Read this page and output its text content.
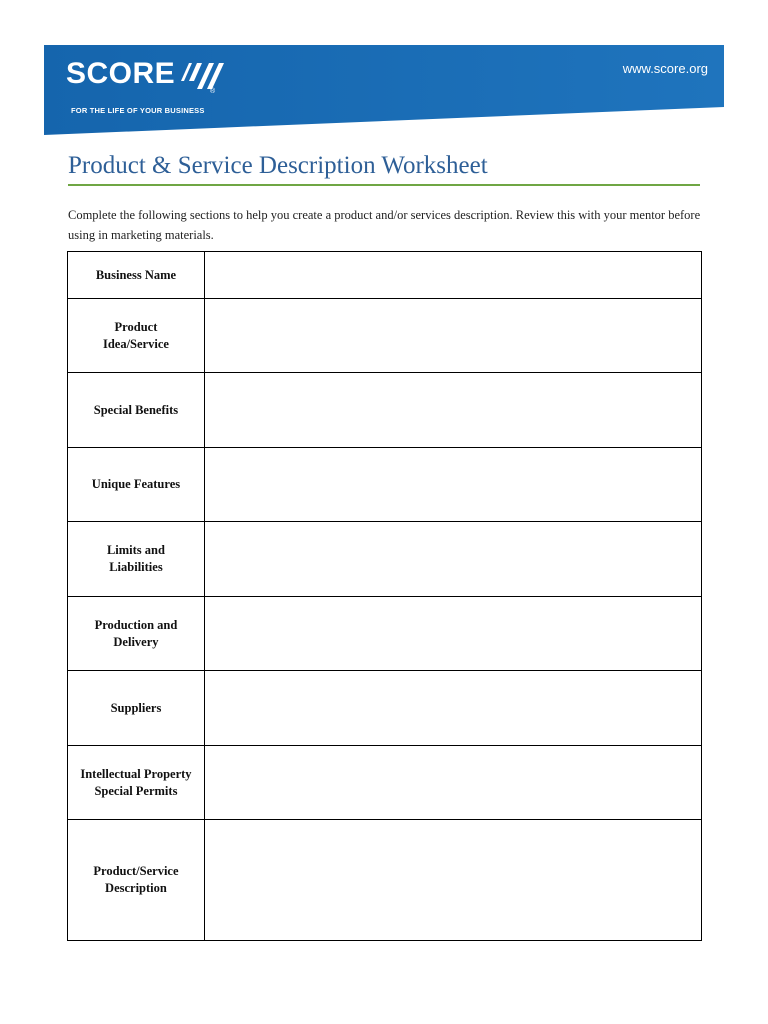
SCORE
®
FOR THE LIFE OF YOUR BUSINESS
www.score.org
Product & Service Description Worksheet

Complete the following sections to help you create a product and/or services description. Review this with your mentor before using in marketing materials.

Business Name	

Product
Idea/Service	

Special Benefits	

Unique Features	

Limits and
Liabilities	

Production and
Delivery	

Suppliers	

Intellectual Property
Special Permits	

Product/Service
Description	
